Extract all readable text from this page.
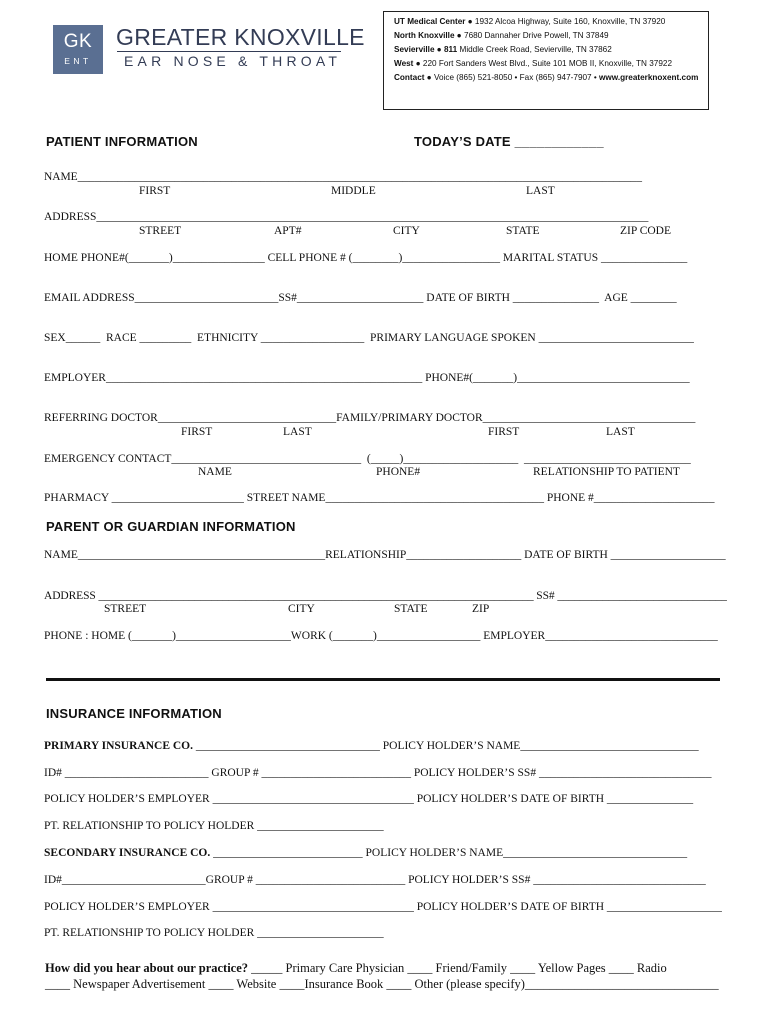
GK
ENT
GREATER KNOXVILLE
EAR NOSE & THROAT
UT Medical Center ● 1932 Alcoa Highway, Suite 160, Knoxville, TN 37920
North Knoxville ● 7680 Dannaher Drive Powell, TN 37849
Sevierville ● 811 Middle Creek Road, Sevierville, TN 37862
West ● 220 Fort Sanders West Blvd., Suite 101 MOB II, Knoxville, TN 37922
Contact ● Voice (865) 521-8050 • Fax (865) 947-7907 • www.greaterknoxent.com
PATIENT INFORMATION	TODAY’S DATE ____________
NAME___________________________________________________________________________________________________
FIRST	MIDDLE	LAST
ADDRESS________________________________________________________________________________________________
STREET	APT#	CITY	STATE	ZIP CODE
HOME PHONE#(_______)________________ CELL PHONE # (________)_________________ MARITAL STATUS _______________
EMAIL ADDRESS_________________________SS#______________________ DATE OF BIRTH _______________  AGE ________
SEX______  RACE _________  ETHNICITY __________________  PRIMARY LANGUAGE SPOKEN ___________________________
EMPLOYER_______________________________________________________ PHONE#(_______)______________________________
REFERRING DOCTOR_______________________________FAMILY/PRIMARY DOCTOR_____________________________________
FIRST	LAST	FIRST	LAST
EMERGENCY CONTACT_________________________________  (_____)____________________  _____________________________
NAME	PHONE#	RELATIONSHIP TO PATIENT
PHARMACY _______________________ STREET NAME______________________________________ PHONE #_____________________
PARENT OR GUARDIAN INFORMATION
NAME___________________________________________RELATIONSHIP____________________ DATE OF BIRTH ____________________
ADDRESS _____________________________________________________________________________ SS# ______________________________
STREET	CITY	STATE	ZIP
PHONE : HOME (_______)____________________WORK (_______)__________________ EMPLOYER______________________________
INSURANCE INFORMATION
PRIMARY INSURANCE CO. ________________________________ POLICY HOLDER’S NAME_______________________________
ID# _________________________ GROUP # __________________________ POLICY HOLDER’S SS# ______________________________
POLICY HOLDER’S EMPLOYER ___________________________________ POLICY HOLDER’S DATE OF BIRTH _______________
PT. RELATIONSHIP TO POLICY HOLDER ______________________
SECONDARY INSURANCE CO. __________________________ POLICY HOLDER’S NAME________________________________
ID#_________________________GROUP # __________________________ POLICY HOLDER’S SS# ______________________________
POLICY HOLDER’S EMPLOYER ___________________________________ POLICY HOLDER’S DATE OF BIRTH ____________________
PT. RELATIONSHIP TO POLICY HOLDER ______________________
How did you hear about our practice? _____ Primary Care Physician ____ Friend/Family ____ Yellow Pages ____ Radio
____ Newspaper Advertisement ____ Website ____Insurance Book ____ Other (please specify)_______________________________
